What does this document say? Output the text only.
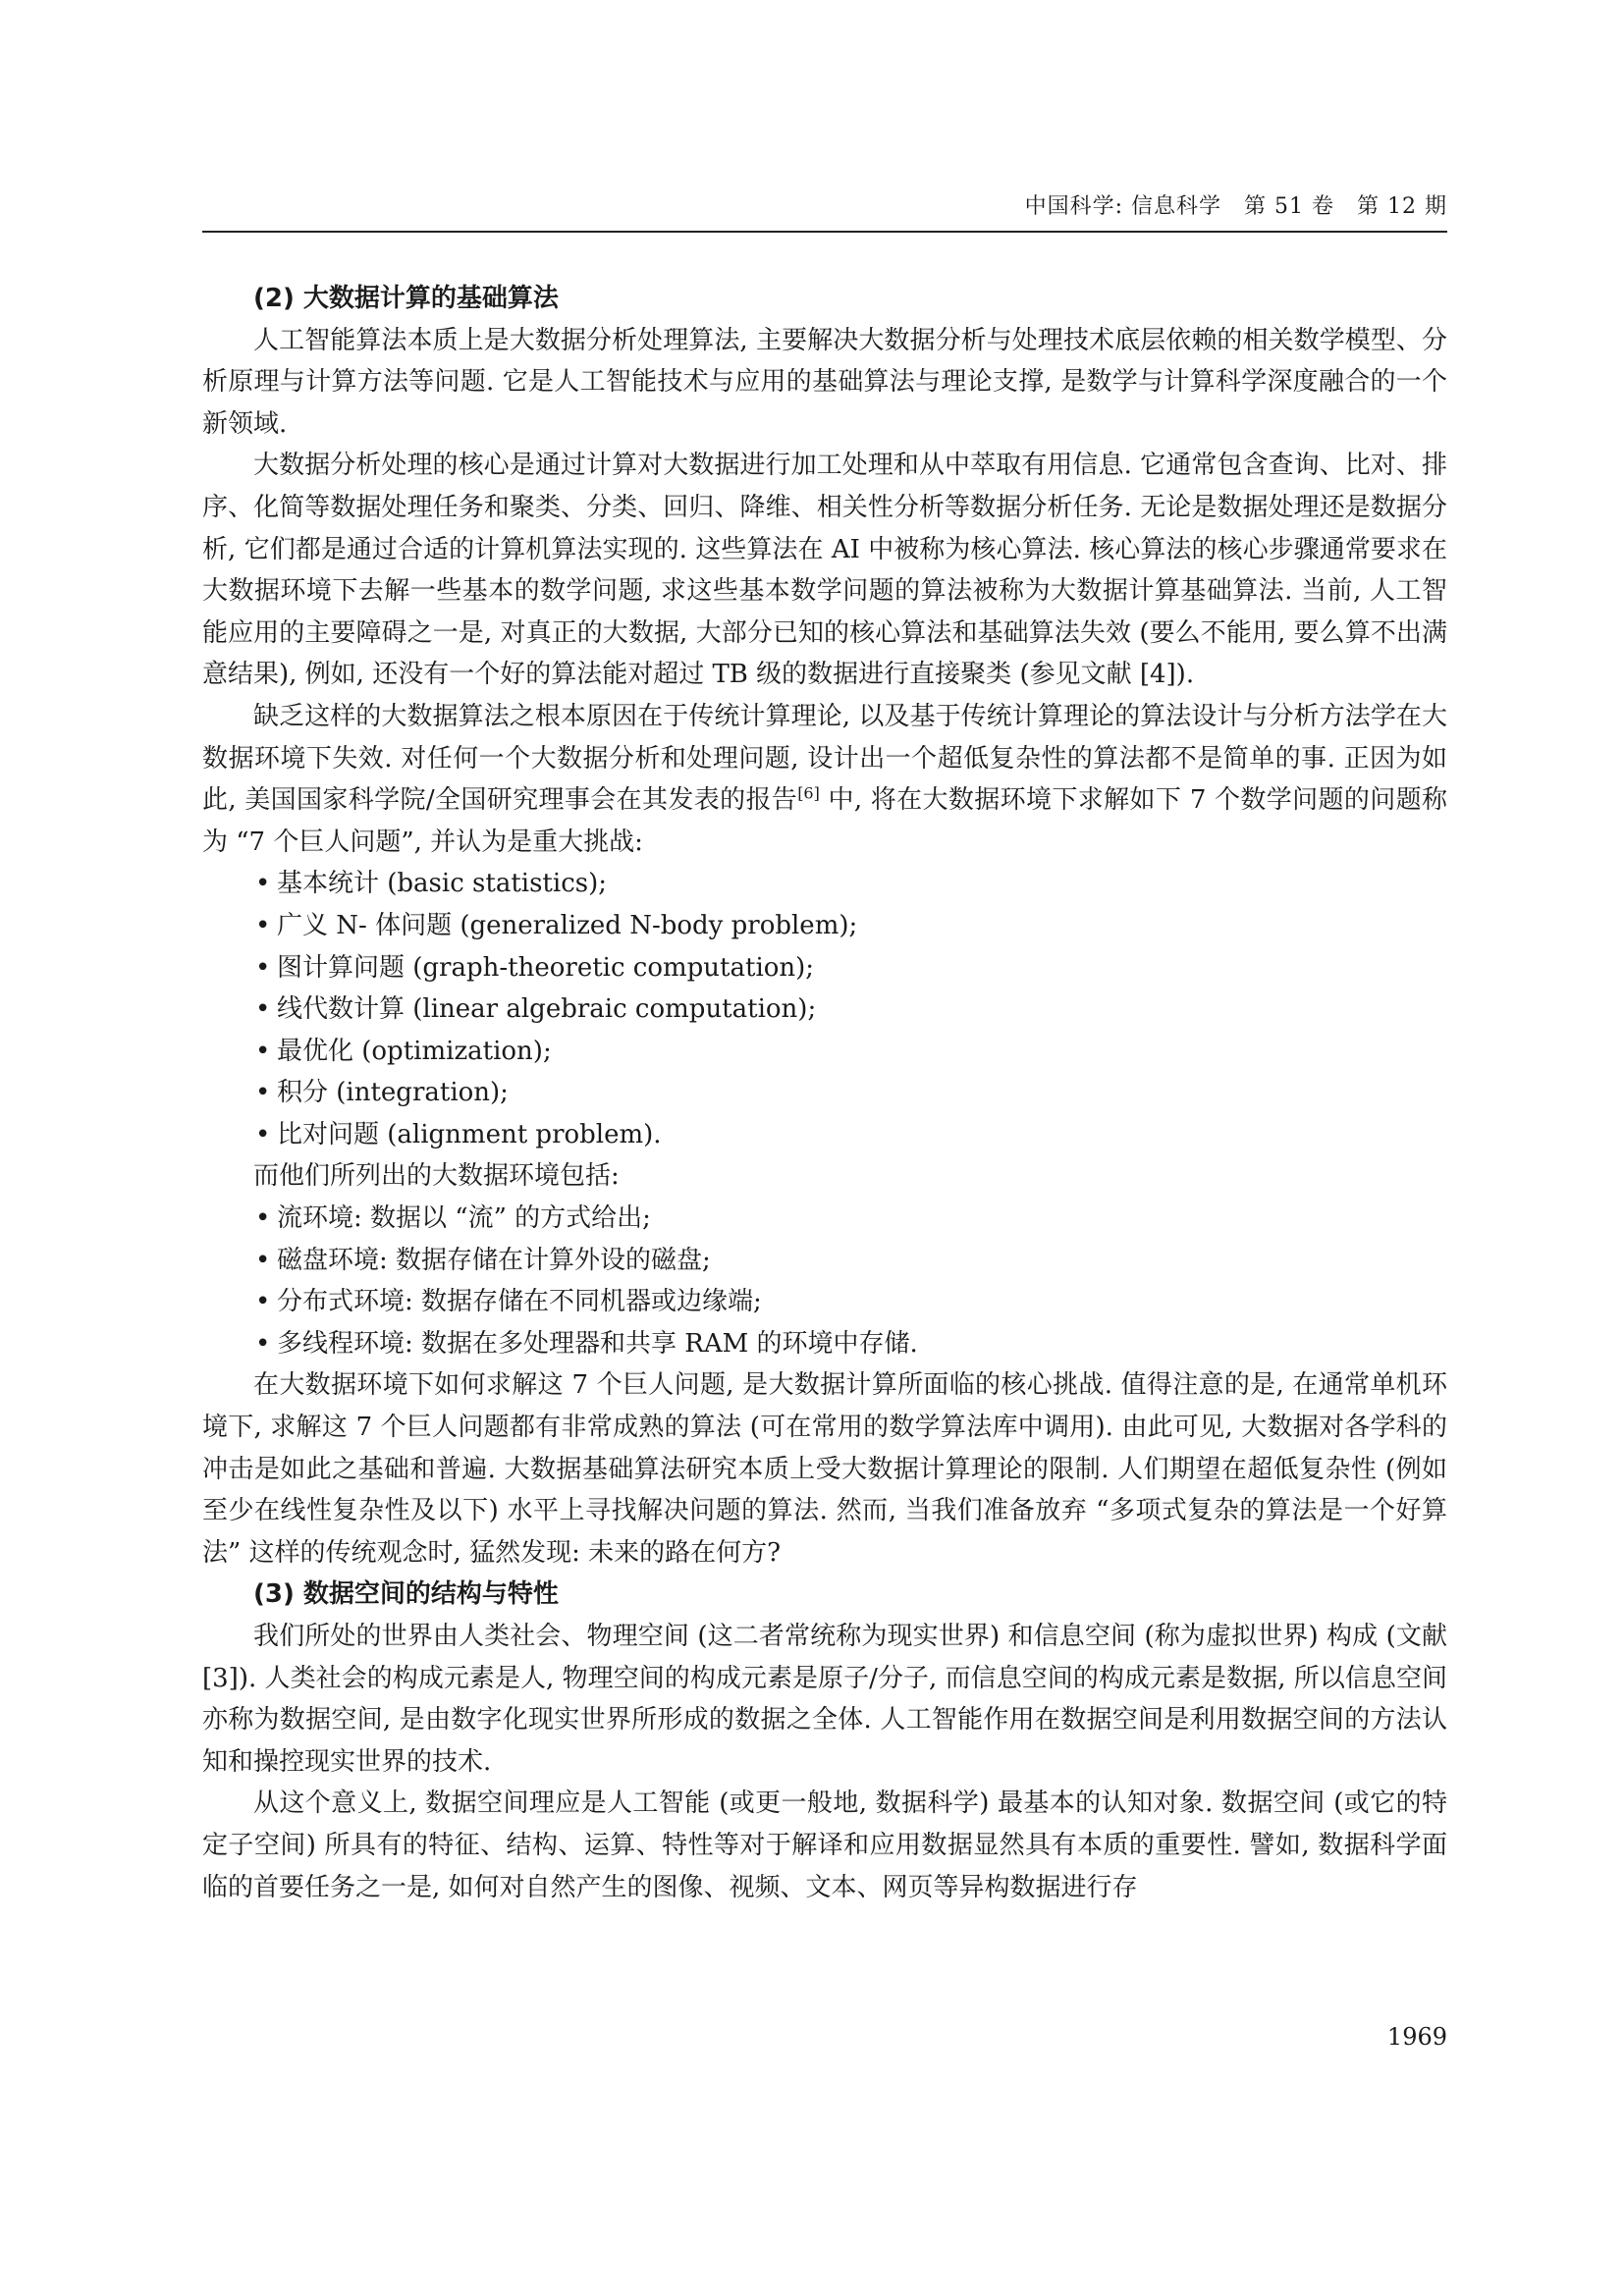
中国科学: 信息科学　第 51 卷　第 12 期

(2) 大数据计算的基础算法

人工智能算法本质上是大数据分析处理算法, 主要解决大数据分析与处理技术底层依赖的相关数学模型、分析原理与计算方法等问题. 它是人工智能技术与应用的基础算法与理论支撑, 是数学与计算科学深度融合的一个新领域.

大数据分析处理的核心是通过计算对大数据进行加工处理和从中萃取有用信息. 它通常包含查询、比对、排序、化简等数据处理任务和聚类、分类、回归、降维、相关性分析等数据分析任务. 无论是数据处理还是数据分析, 它们都是通过合适的计算机算法实现的. 这些算法在 AI 中被称为核心算法. 核心算法的核心步骤通常要求在大数据环境下去解一些基本的数学问题, 求这些基本数学问题的算法被称为大数据计算基础算法. 当前, 人工智能应用的主要障碍之一是, 对真正的大数据, 大部分已知的核心算法和基础算法失效 (要么不能用, 要么算不出满意结果), 例如, 还没有一个好的算法能对超过 TB 级的数据进行直接聚类 (参见文献 [4]).

缺乏这样的大数据算法之根本原因在于传统计算理论, 以及基于传统计算理论的算法设计与分析方法学在大数据环境下失效. 对任何一个大数据分析和处理问题, 设计出一个超低复杂性的算法都不是简单的事. 正因为如此, 美国国家科学院/全国研究理事会在其发表的报告[6] 中, 将在大数据环境下求解如下 7 个数学问题的问题称为 “7 个巨人问题”, 并认为是重大挑战:

• 基本统计 (basic statistics);
• 广义 N- 体问题 (generalized N-body problem);
• 图计算问题 (graph-theoretic computation);
• 线代数计算 (linear algebraic computation);
• 最优化 (optimization);
• 积分 (integration);
• 比对问题 (alignment problem).

而他们所列出的大数据环境包括:

• 流环境: 数据以 “流” 的方式给出;
• 磁盘环境: 数据存储在计算外设的磁盘;
• 分布式环境: 数据存储在不同机器或边缘端;
• 多线程环境: 数据在多处理器和共享 RAM 的环境中存储.

在大数据环境下如何求解这 7 个巨人问题, 是大数据计算所面临的核心挑战. 值得注意的是, 在通常单机环境下, 求解这 7 个巨人问题都有非常成熟的算法 (可在常用的数学算法库中调用). 由此可见, 大数据对各学科的冲击是如此之基础和普遍. 大数据基础算法研究本质上受大数据计算理论的限制. 人们期望在超低复杂性 (例如至少在线性复杂性及以下) 水平上寻找解决问题的算法. 然而, 当我们准备放弃 “多项式复杂的算法是一个好算法” 这样的传统观念时, 猛然发现: 未来的路在何方?

(3) 数据空间的结构与特性

我们所处的世界由人类社会、物理空间 (这二者常统称为现实世界) 和信息空间 (称为虚拟世界) 构成 (文献 [3]). 人类社会的构成元素是人, 物理空间的构成元素是原子/分子, 而信息空间的构成元素是数据, 所以信息空间亦称为数据空间, 是由数字化现实世界所形成的数据之全体. 人工智能作用在数据空间是利用数据空间的方法认知和操控现实世界的技术.

从这个意义上, 数据空间理应是人工智能 (或更一般地, 数据科学) 最基本的认知对象. 数据空间 (或它的特定子空间) 所具有的特征、结构、运算、特性等对于解译和应用数据显然具有本质的重要性. 譬如, 数据科学面临的首要任务之一是, 如何对自然产生的图像、视频、文本、网页等异构数据进行存

1969
